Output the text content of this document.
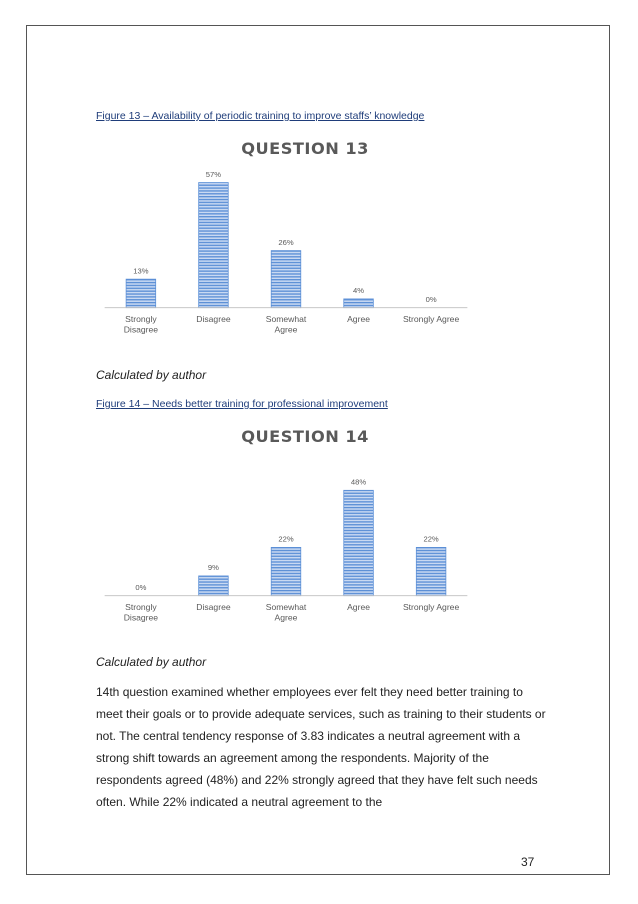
Figure 13 – Availability of periodic training to improve staffs’ knowledge
QUESTION 13
13%
Strongly
Disagree
57%
Disagree
26%
Somewhat
Agree
4%
Agree
0%
Strongly Agree
Calculated by author
Figure 14 – Needs better training for professional improvement
QUESTION 14
0%
Strongly
Disagree
9%
Disagree
22%
Somewhat
Agree
48%
Agree
22%
Strongly Agree
Calculated by author

14th question examined whether employees ever felt they need better training to meet their goals or to provide adequate services, such as training to their students or not. The central tendency response of 3.83 indicates a neutral agreement with a strong shift towards an agreement among the respondents. Majority of the respondents agreed (48%) and 22% strongly agreed that they have felt such needs often. While 22% indicated a neutral agreement to the

37
